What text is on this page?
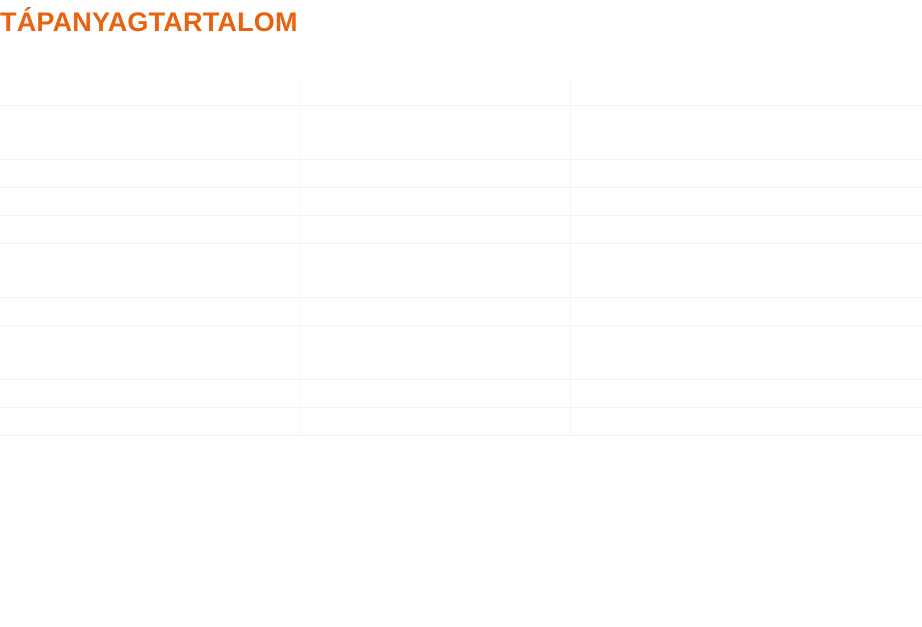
TÁPANYAGTARTALOM
